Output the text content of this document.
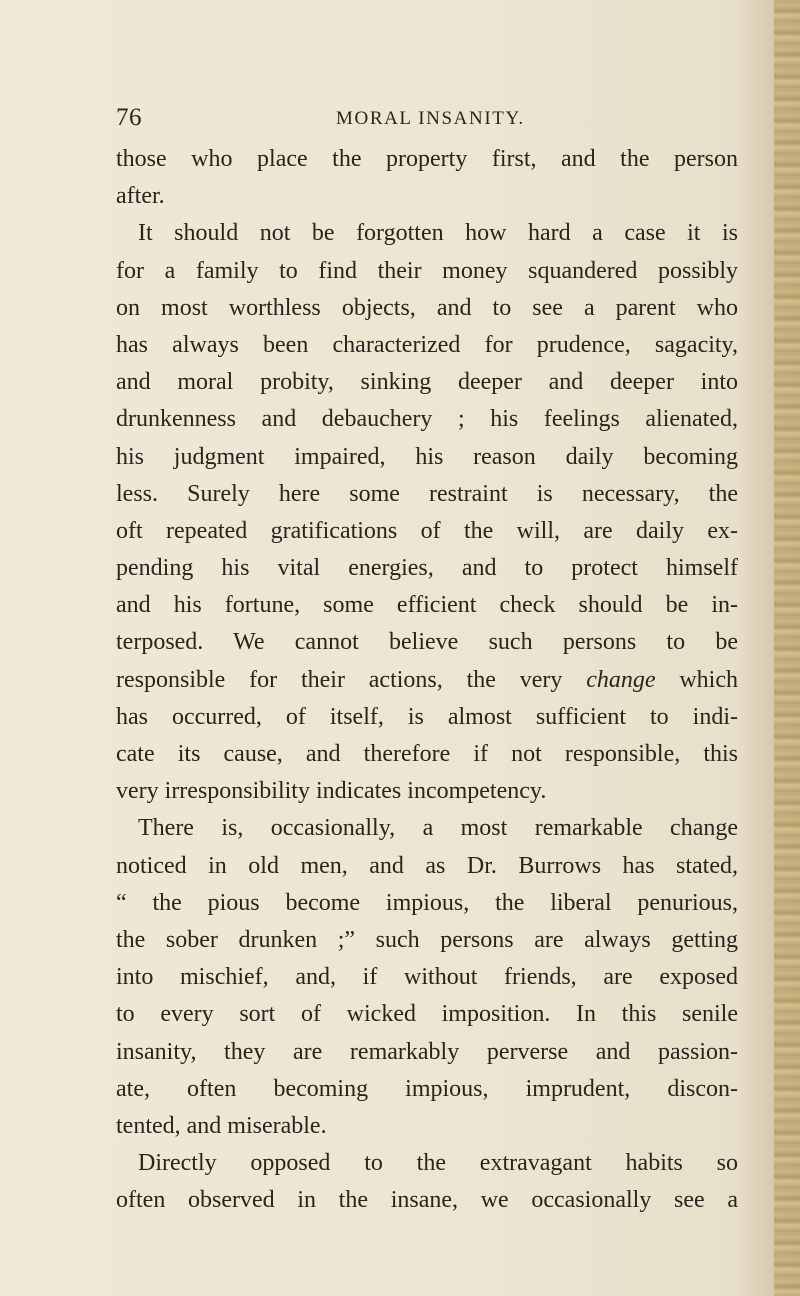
76	MORAL INSANITY.
those who place the property first, and the person
after.
It should not be forgotten how hard a case it is
for a family to find their money squandered possibly
on most worthless objects, and to see a parent who
has always been characterized for prudence, sagacity,
and moral probity, sinking deeper and deeper into
drunkenness and debauchery ; his feelings alienated,
his judgment impaired, his reason daily becoming
less. Surely here some restraint is necessary, the
oft repeated gratifications of the will, are daily ex-
pending his vital energies, and to protect himself
and his fortune, some efficient check should be in-
terposed. We cannot believe such persons to be
responsible for their actions, the very change which
has occurred, of itself, is almost sufficient to indi-
cate its cause, and therefore if not responsible, this
very irresponsibility indicates incompetency.
There is, occasionally, a most remarkable change
noticed in old men, and as Dr. Burrows has stated,
“ the pious become impious, the liberal penurious,
the sober drunken ;” such persons are always getting
into mischief, and, if without friends, are exposed
to every sort of wicked imposition. In this senile
insanity, they are remarkably perverse and passion-
ate, often becoming impious, imprudent, discon-
tented, and miserable.
Directly opposed to the extravagant habits so
often observed in the insane, we occasionally see a
